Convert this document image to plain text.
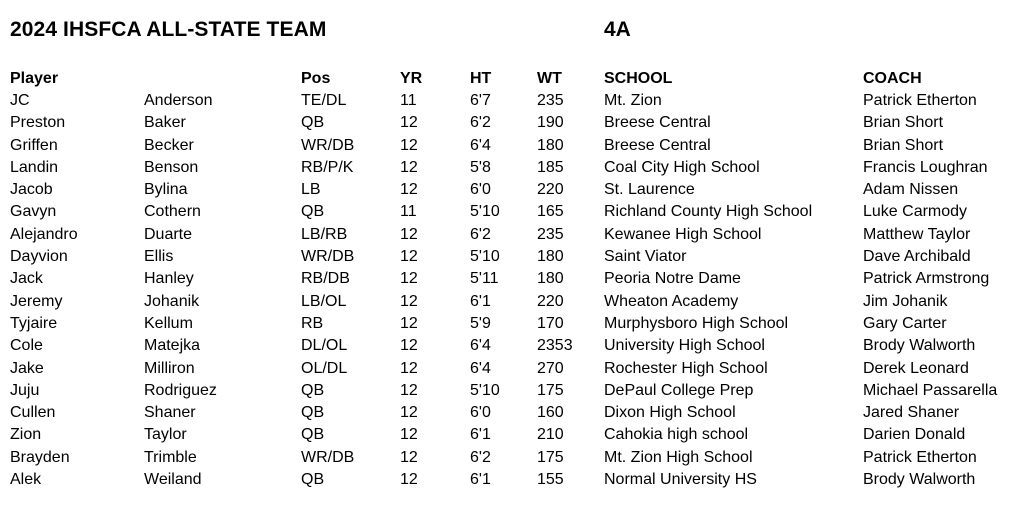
2024 IHSFCA ALL-STATE TEAM	4A
Player		Pos	YR	HT	WT	SCHOOL	COACH
JC	Anderson	TE/DL	11	6'7	235	Mt. Zion	Patrick Etherton
Preston	Baker	QB	12	6'2	190	Breese Central	Brian Short
Griffen	Becker	WR/DB	12	6'4	180	Breese Central	Brian Short
Landin	Benson	RB/P/K	12	5'8	185	Coal City High School	Francis Loughran
Jacob	Bylina	LB	12	6'0	220	St. Laurence	Adam Nissen
Gavyn	Cothern	QB	11	5'10	165	Richland County High School	Luke Carmody
Alejandro	Duarte	LB/RB	12	6'2	235	Kewanee High School	Matthew Taylor
Dayvion	Ellis	WR/DB	12	5'10	180	Saint Viator	Dave Archibald
Jack	Hanley	RB/DB	12	5'11	180	Peoria Notre Dame	Patrick Armstrong
Jeremy	Johanik	LB/OL	12	6'1	220	Wheaton Academy	Jim Johanik
Tyjaire	Kellum	RB	12	5'9	170	Murphysboro High School	Gary Carter
Cole	Matejka	DL/OL	12	6'4	2353	University High School	Brody Walworth
Jake	Milliron	OL/DL	12	6'4	270	Rochester High School	Derek Leonard
Juju	Rodriguez	QB	12	5'10	175	DePaul College Prep	Michael Passarella
Cullen	Shaner	QB	12	6'0	160	Dixon High School	Jared Shaner
Zion	Taylor	QB	12	6'1	210	Cahokia high school	Darien Donald
Brayden	Trimble	WR/DB	12	6'2	175	Mt. Zion High School	Patrick Etherton
Alek	Weiland	QB	12	6'1	155	Normal University HS	Brody Walworth
